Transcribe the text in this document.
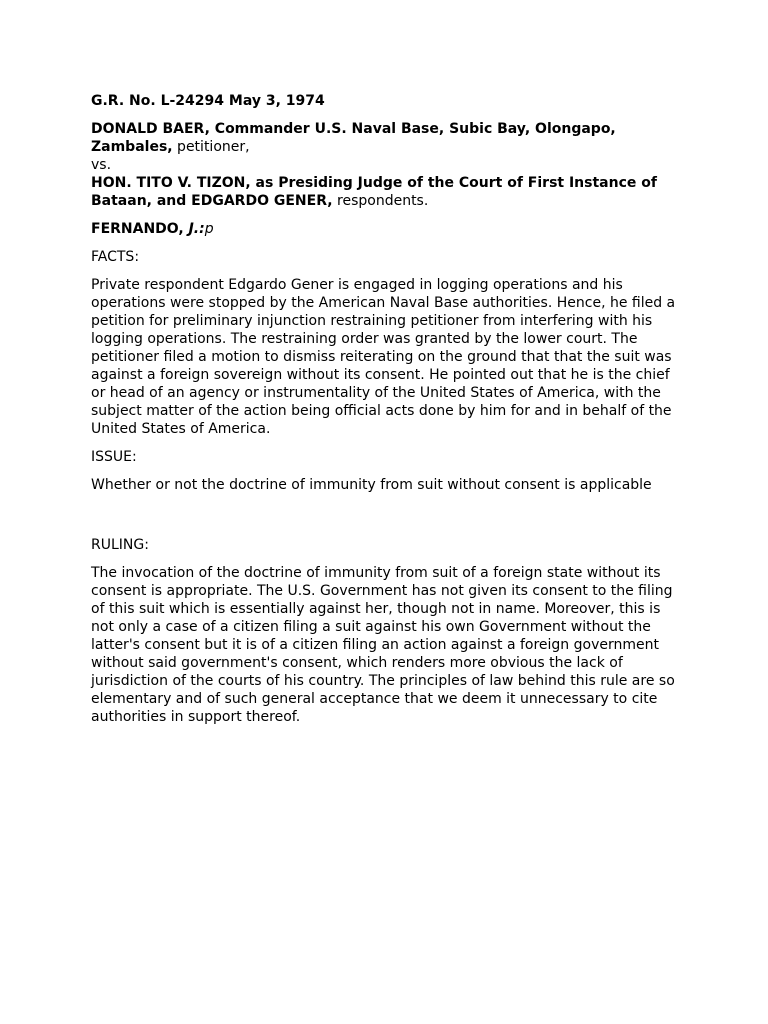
G.R. No. L-24294 May 3, 1974

DONALD BAER, Commander U.S. Naval Base, Subic Bay, Olongapo, Zambales, petitioner,
vs.
HON. TITO V. TIZON, as Presiding Judge of the Court of First Instance of Bataan, and EDGARDO GENER, respondents.

FERNANDO, J.:p

FACTS:

Private respondent Edgardo Gener is engaged in logging operations and his operations were stopped by the American Naval Base authorities. Hence, he filed a petition for preliminary injunction restraining petitioner from interfering with his logging operations. The restraining order was granted by the lower court. The petitioner filed a motion to dismiss reiterating on the ground that that the suit was against a foreign sovereign without its consent. He pointed out that he is the chief or head of an agency or instrumentality of the United States of America, with the subject matter of the action being official acts done by him for and in behalf of the United States of America.

ISSUE:

Whether or not the doctrine of immunity from suit without consent is applicable

RULING:

The invocation of the doctrine of immunity from suit of a foreign state without its consent is appropriate. The U.S. Government has not given its consent to the filing of this suit which is essentially against her, though not in name. Moreover, this is not only a case of a citizen filing a suit against his own Government without the latter's consent but it is of a citizen filing an action against a foreign government without said government's consent, which renders more obvious the lack of jurisdiction of the courts of his country. The principles of law behind this rule are so elementary and of such general acceptance that we deem it unnecessary to cite authorities in support thereof.
